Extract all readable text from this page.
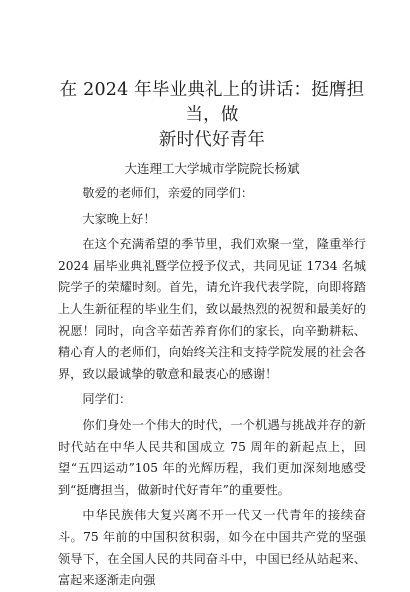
在 2024 年毕业典礼上的讲话：挺膺担当，做
新时代好青年

大连理工大学城市学院院长杨斌

敬爱的老师们，亲爱的同学们：

大家晚上好！

在这个充满希望的季节里，我们欢聚一堂，隆重举行 2024 届毕业典礼暨学位授予仪式，共同见证 1734 名城院学子的荣耀时刻。首先，请允许我代表学院，向即将踏上人生新征程的毕业生们，致以最热烈的祝贺和最美好的祝愿！同时，向含辛茹苦养育你们的家长，向辛勤耕耘、精心育人的老师们，向始终关注和支持学院发展的社会各界，致以最诚挚的敬意和最衷心的感谢！

同学们：

你们身处一个伟大的时代，一个机遇与挑战并存的新时代站在中华人民共和国成立 75 周年的新起点上，回望“五四运动”105 年的光辉历程，我们更加深刻地感受到“挺膺担当，做新时代好青年”的重要性。

中华民族伟大复兴离不开一代又一代青年的接续奋斗。75 年前的中国积贫积弱，如今在中国共产党的坚强领导下，在全国人民的共同奋斗中，中国已经从站起来、富起来逐渐走向强
